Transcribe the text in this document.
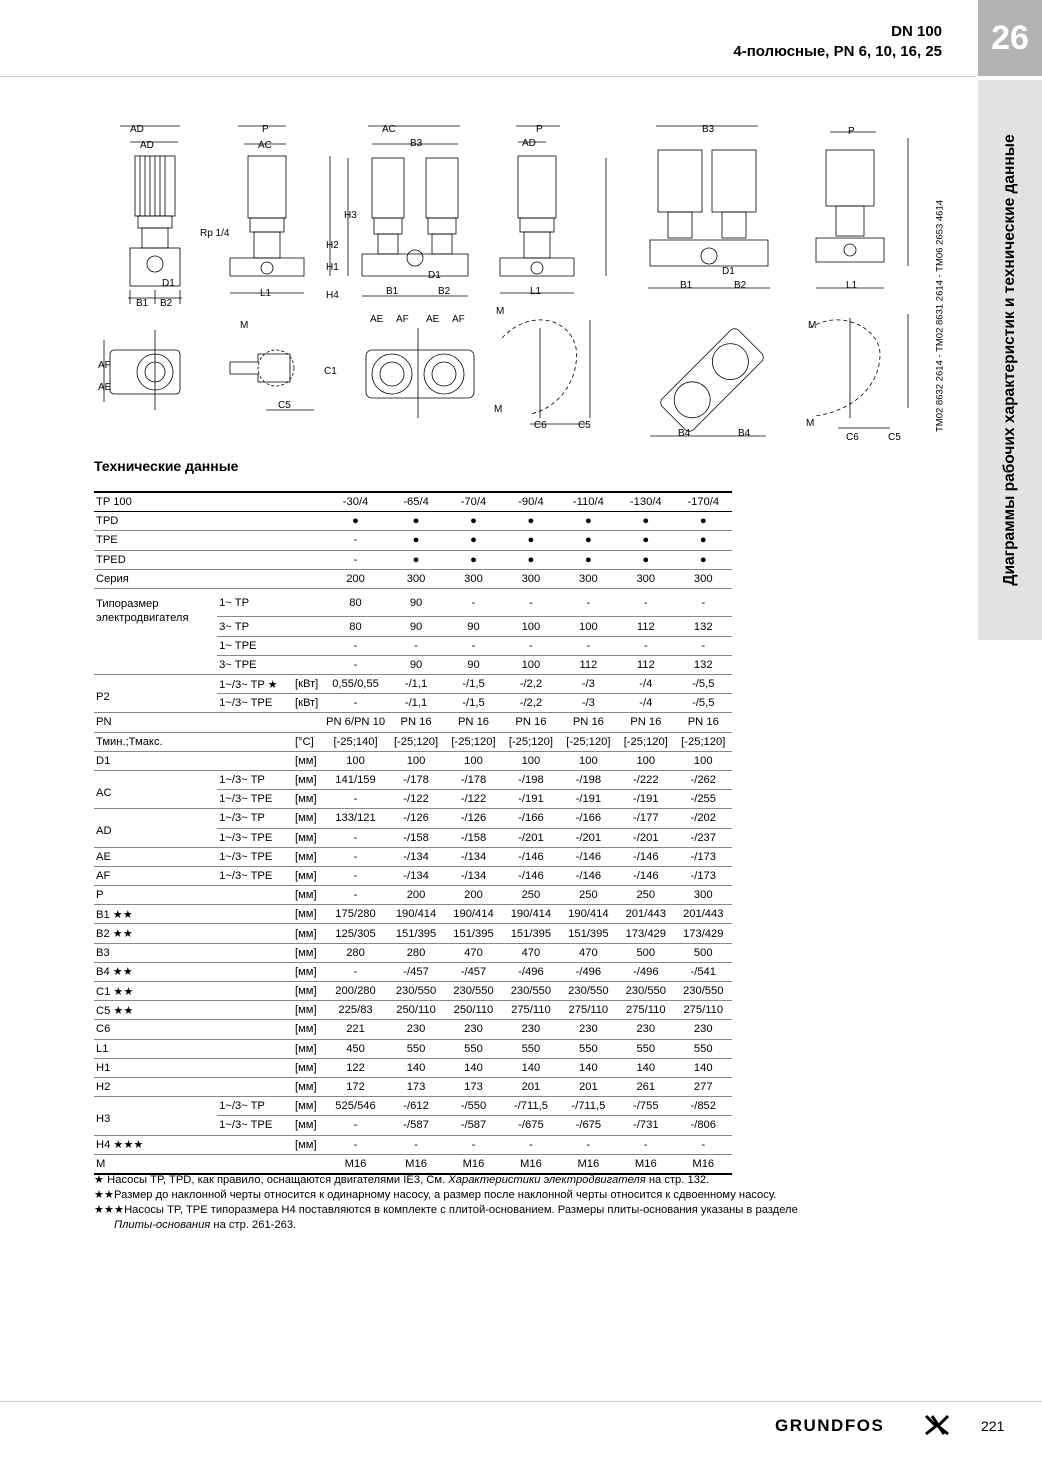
DN 100
4-полюсные, PN 6, 10, 16, 25	26
Диаграммы рабочих характеристик и технические данные
TM02 8632 2614 - TM02 8631 2614 - TM06 2653 4614
AD
AD
D1
B1 B2
AF
AE
P
AC
Rp 1/4
L1
H2
H1
H4
H3
M
C1
C5
AC
B3
D1
B1	B2
AE AF AE AF
P
AD
L1
M
M
C6	C5
B3
D1
B1	B2
B4	B4
P
L1
M
M
C6	C5
Технические данные
TP 100			-30/4	-65/4	-70/4	-90/4	-110/4	-130/4	-170/4
TPD			●	●	●	●	●	●	●
TPE			-	●	●	●	●	●	●
TPED			-	●	●	●	●	●	●
Серия			200	300	300	300	300	300	300
Типоразмер электродвигателя	1~ TP		80	90	-	-	-	-	-
	3~ TP		80	90	90	100	100	112	132
	1~ TPE		-	-	-	-	-	-	-
	3~ TPE		-	90	90	100	112	112	132
P2	1~/3~ TP ★	[кВт]	0,55/0,55	-/1,1	-/1,5	-/2,2	-/3	-/4	-/5,5
	1~/3~ TPE	[кВт]	-	-/1,1	-/1,5	-/2,2	-/3	-/4	-/5,5
PN			PN 6/PN 10	PN 16	PN 16	PN 16	PN 16	PN 16	PN 16
Тмин.;Тмакс.		[°C]	[-25;140]	[-25;120]	[-25;120]	[-25;120]	[-25;120]	[-25;120]	[-25;120]
D1		[мм]	100	100	100	100	100	100	100
AC	1~/3~ TP	[мм]	141/159	-/178	-/178	-/198	-/198	-/222	-/262
	1~/3~ TPE	[мм]	-	-/122	-/122	-/191	-/191	-/191	-/255
AD	1~/3~ TP	[мм]	133/121	-/126	-/126	-/166	-/166	-/177	-/202
	1~/3~ TPE	[мм]	-	-/158	-/158	-/201	-/201	-/201	-/237
AE	1~/3~ TPE	[мм]	-	-/134	-/134	-/146	-/146	-/146	-/173
AF	1~/3~ TPE	[мм]	-	-/134	-/134	-/146	-/146	-/146	-/173
P		[мм]	-	200	200	250	250	250	300
B1 ★★		[мм]	175/280	190/414	190/414	190/414	190/414	201/443	201/443
B2 ★★		[мм]	125/305	151/395	151/395	151/395	151/395	173/429	173/429
B3		[мм]	280	280	470	470	470	500	500
B4 ★★		[мм]	-	-/457	-/457	-/496	-/496	-/496	-/541
C1 ★★		[мм]	200/280	230/550	230/550	230/550	230/550	230/550	230/550
C5 ★★		[мм]	225/83	250/110	250/110	275/110	275/110	275/110	275/110
C6		[мм]	221	230	230	230	230	230	230
L1		[мм]	450	550	550	550	550	550	550
H1		[мм]	122	140	140	140	140	140	140
H2		[мм]	172	173	173	201	201	261	277
H3	1~/3~ TP	[мм]	525/546	-/612	-/550	-/711,5	-/711,5	-/755	-/852
	1~/3~ TPE	[мм]	-	-/587	-/587	-/675	-/675	-/731	-/806
H4 ★★★		[мм]	-	-	-	-	-	-	-
M			M16	M16	M16	M16	M16	M16	M16
★ Насосы TP, TPD, как правило, оснащаются двигателями IE3, См. Характеристики электродвигателя на стр. 132.
★★Размер до наклонной черты относится к одинарному насосу, а размер после наклонной черты относится к сдвоенному насосу.
★★★Насосы TP, TPE типоразмера H4 поставляются в комплекте с плитой-основанием. Размеры плиты-основания указаны в разделе
Плиты-основания на стр. 261-263.
GRUNDFOS	221
